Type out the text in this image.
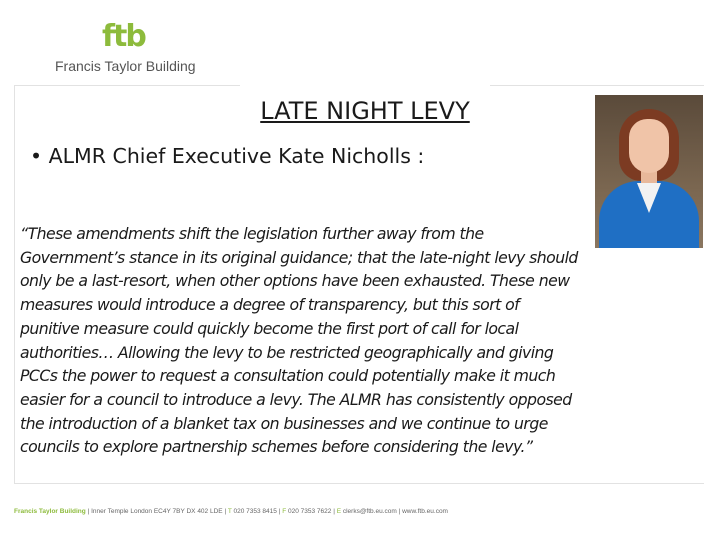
ftb
Francis Taylor Building
LATE NIGHT LEVY
• ALMR Chief Executive Kate Nicholls :
“These amendments shift the legislation further away from the
Government’s stance in its original guidance; that the late-night levy should
only be a last-resort, when other options have been exhausted. These new
measures would introduce a degree of transparency, but this sort of
punitive measure could quickly become the first port of call for local
authorities… Allowing the levy to be restricted geographically and giving
PCCs the power to request a consultation could potentially make it much
easier for a council to introduce a levy. The ALMR has consistently opposed
the introduction of a blanket tax on businesses and we continue to urge
councils to explore partnership schemes before considering the levy.”
Francis Taylor Building | Inner Temple London EC4Y 7BY DX 402 LDE | T 020 7353 8415 | F 020 7353 7622 | E clerks@ftb.eu.com | www.ftb.eu.com
